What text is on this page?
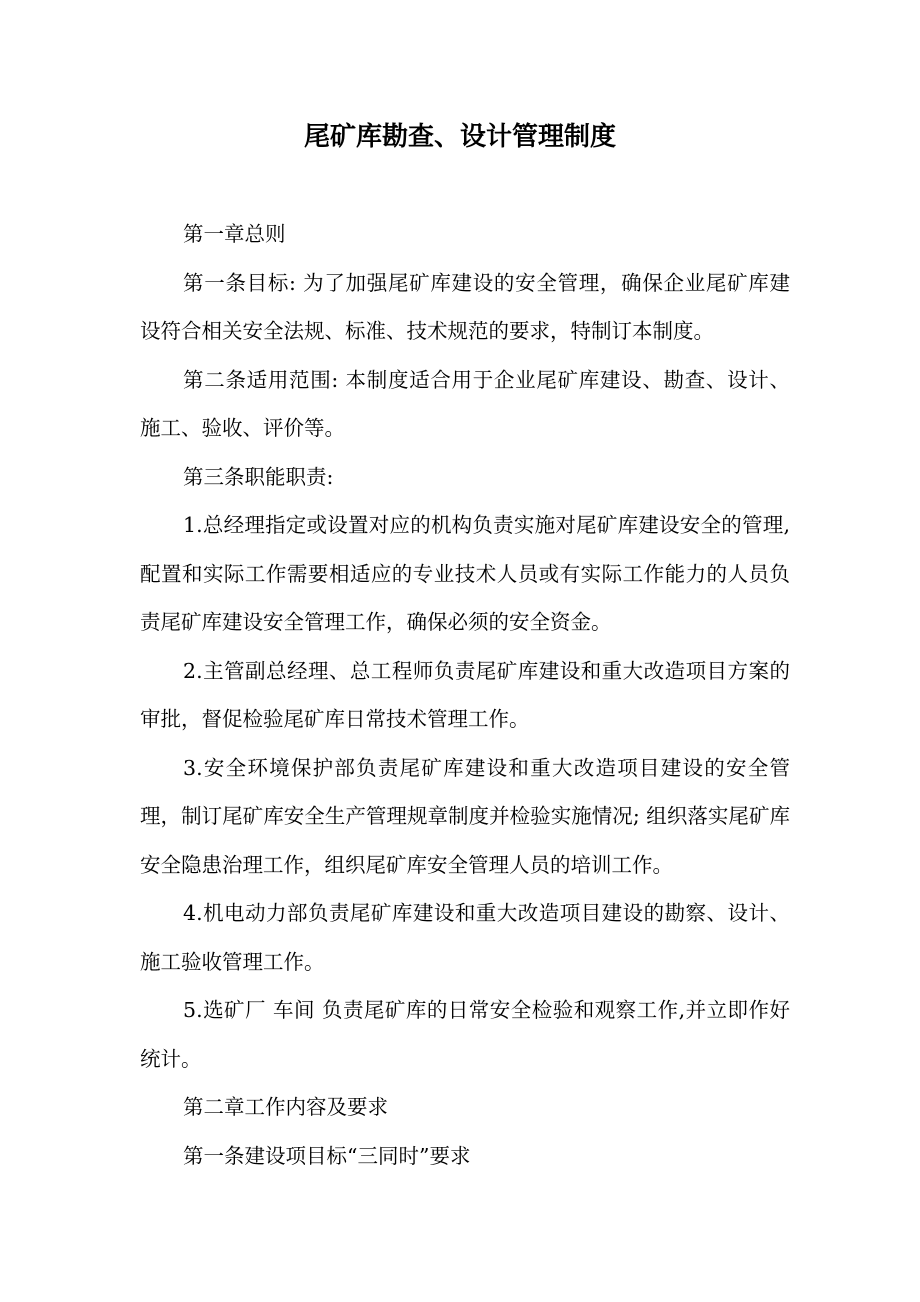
尾矿库勘查、设计管理制度

第一章总则

第一条目标: 为了加强尾矿库建设的安全管理，确保企业尾矿库建设符合相关安全法规、标准、技术规范的要求，特制订本制度。

第二条适用范围: 本制度适合用于企业尾矿库建设、勘查、设计、施工、验收、评价等。

第三条职能职责:

1.总经理指定或设置对应的机构负责实施对尾矿库建设安全的管理,配置和实际工作需要相适应的专业技术人员或有实际工作能力的人员负责尾矿库建设安全管理工作，确保必须的安全资金。

2.主管副总经理、总工程师负责尾矿库建设和重大改造项目方案的审批，督促检验尾矿库日常技术管理工作。

3.安全环境保护部负责尾矿库建设和重大改造项目建设的安全管理，制订尾矿库安全生产管理规章制度并检验实施情况; 组织落实尾矿库安全隐患治理工作，组织尾矿库安全管理人员的培训工作。

4.机电动力部负责尾矿库建设和重大改造项目建设的勘察、设计、施工验收管理工作。

5.选矿厂 车间 负责尾矿库的日常安全检验和观察工作,并立即作好统计。

第二章工作内容及要求

第一条建设项目标“三同时”要求
